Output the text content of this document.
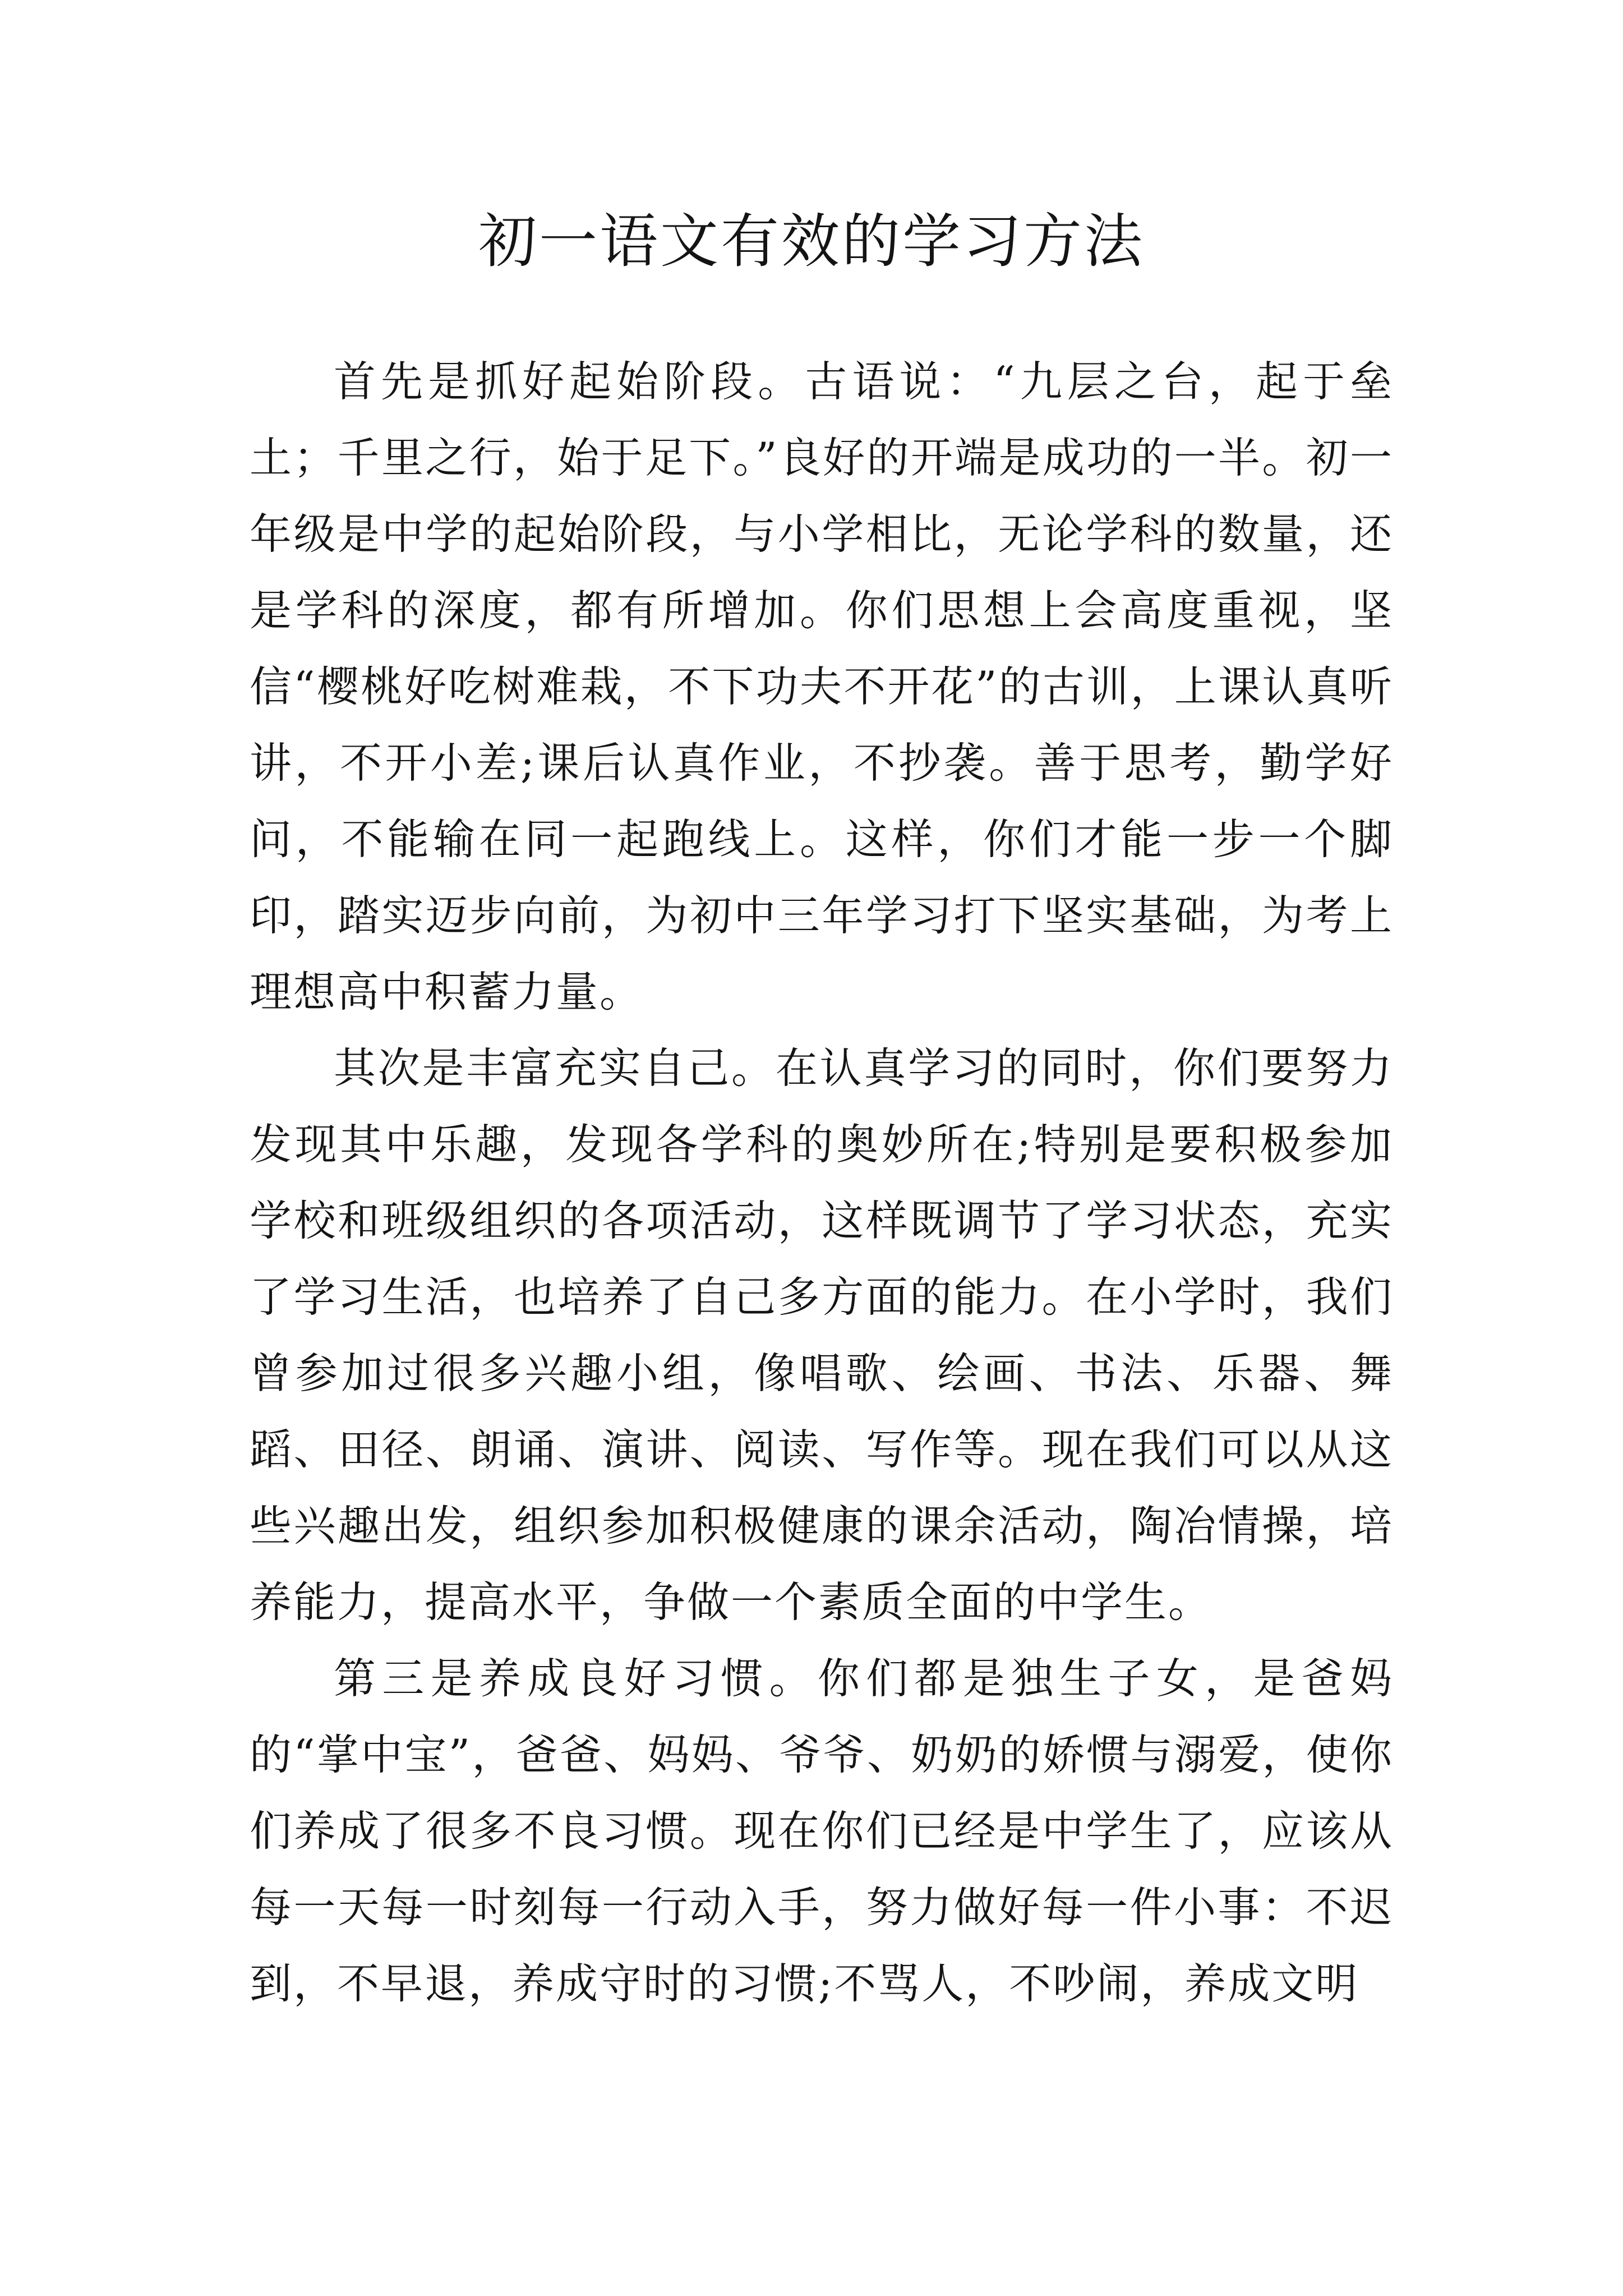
初一语文有效的学习方法

首先是抓好起始阶段。古语说：“九层之台，起于垒土；千里之行，始于足下。”良好的开端是成功的一半。初一年级是中学的起始阶段，与小学相比，无论学科的数量，还是学科的深度，都有所增加。你们思想上会高度重视，坚信“樱桃好吃树难栽，不下功夫不开花”的古训，上课认真听讲，不开小差;课后认真作业，不抄袭。善于思考，勤学好问，不能输在同一起跑线上。这样，你们才能一步一个脚印，踏实迈步向前，为初中三年学习打下坚实基础，为考上理想高中积蓄力量。

其次是丰富充实自己。在认真学习的同时，你们要努力发现其中乐趣，发现各学科的奥妙所在;特别是要积极参加学校和班级组织的各项活动，这样既调节了学习状态，充实了学习生活，也培养了自己多方面的能力。在小学时，我们曾参加过很多兴趣小组，像唱歌、绘画、书法、乐器、舞蹈、田径、朗诵、演讲、阅读、写作等。现在我们可以从这些兴趣出发，组织参加积极健康的课余活动，陶冶情操，培养能力，提高水平，争做一个素质全面的中学生。

第三是养成良好习惯。你们都是独生子女，是爸妈的“掌中宝”，爸爸、妈妈、爷爷、奶奶的娇惯与溺爱，使你们养成了很多不良习惯。现在你们已经是中学生了，应该从每一天每一时刻每一行动入手，努力做好每一件小事：不迟到，不早退，养成守时的习惯;不骂人，不吵闹，养成文明
